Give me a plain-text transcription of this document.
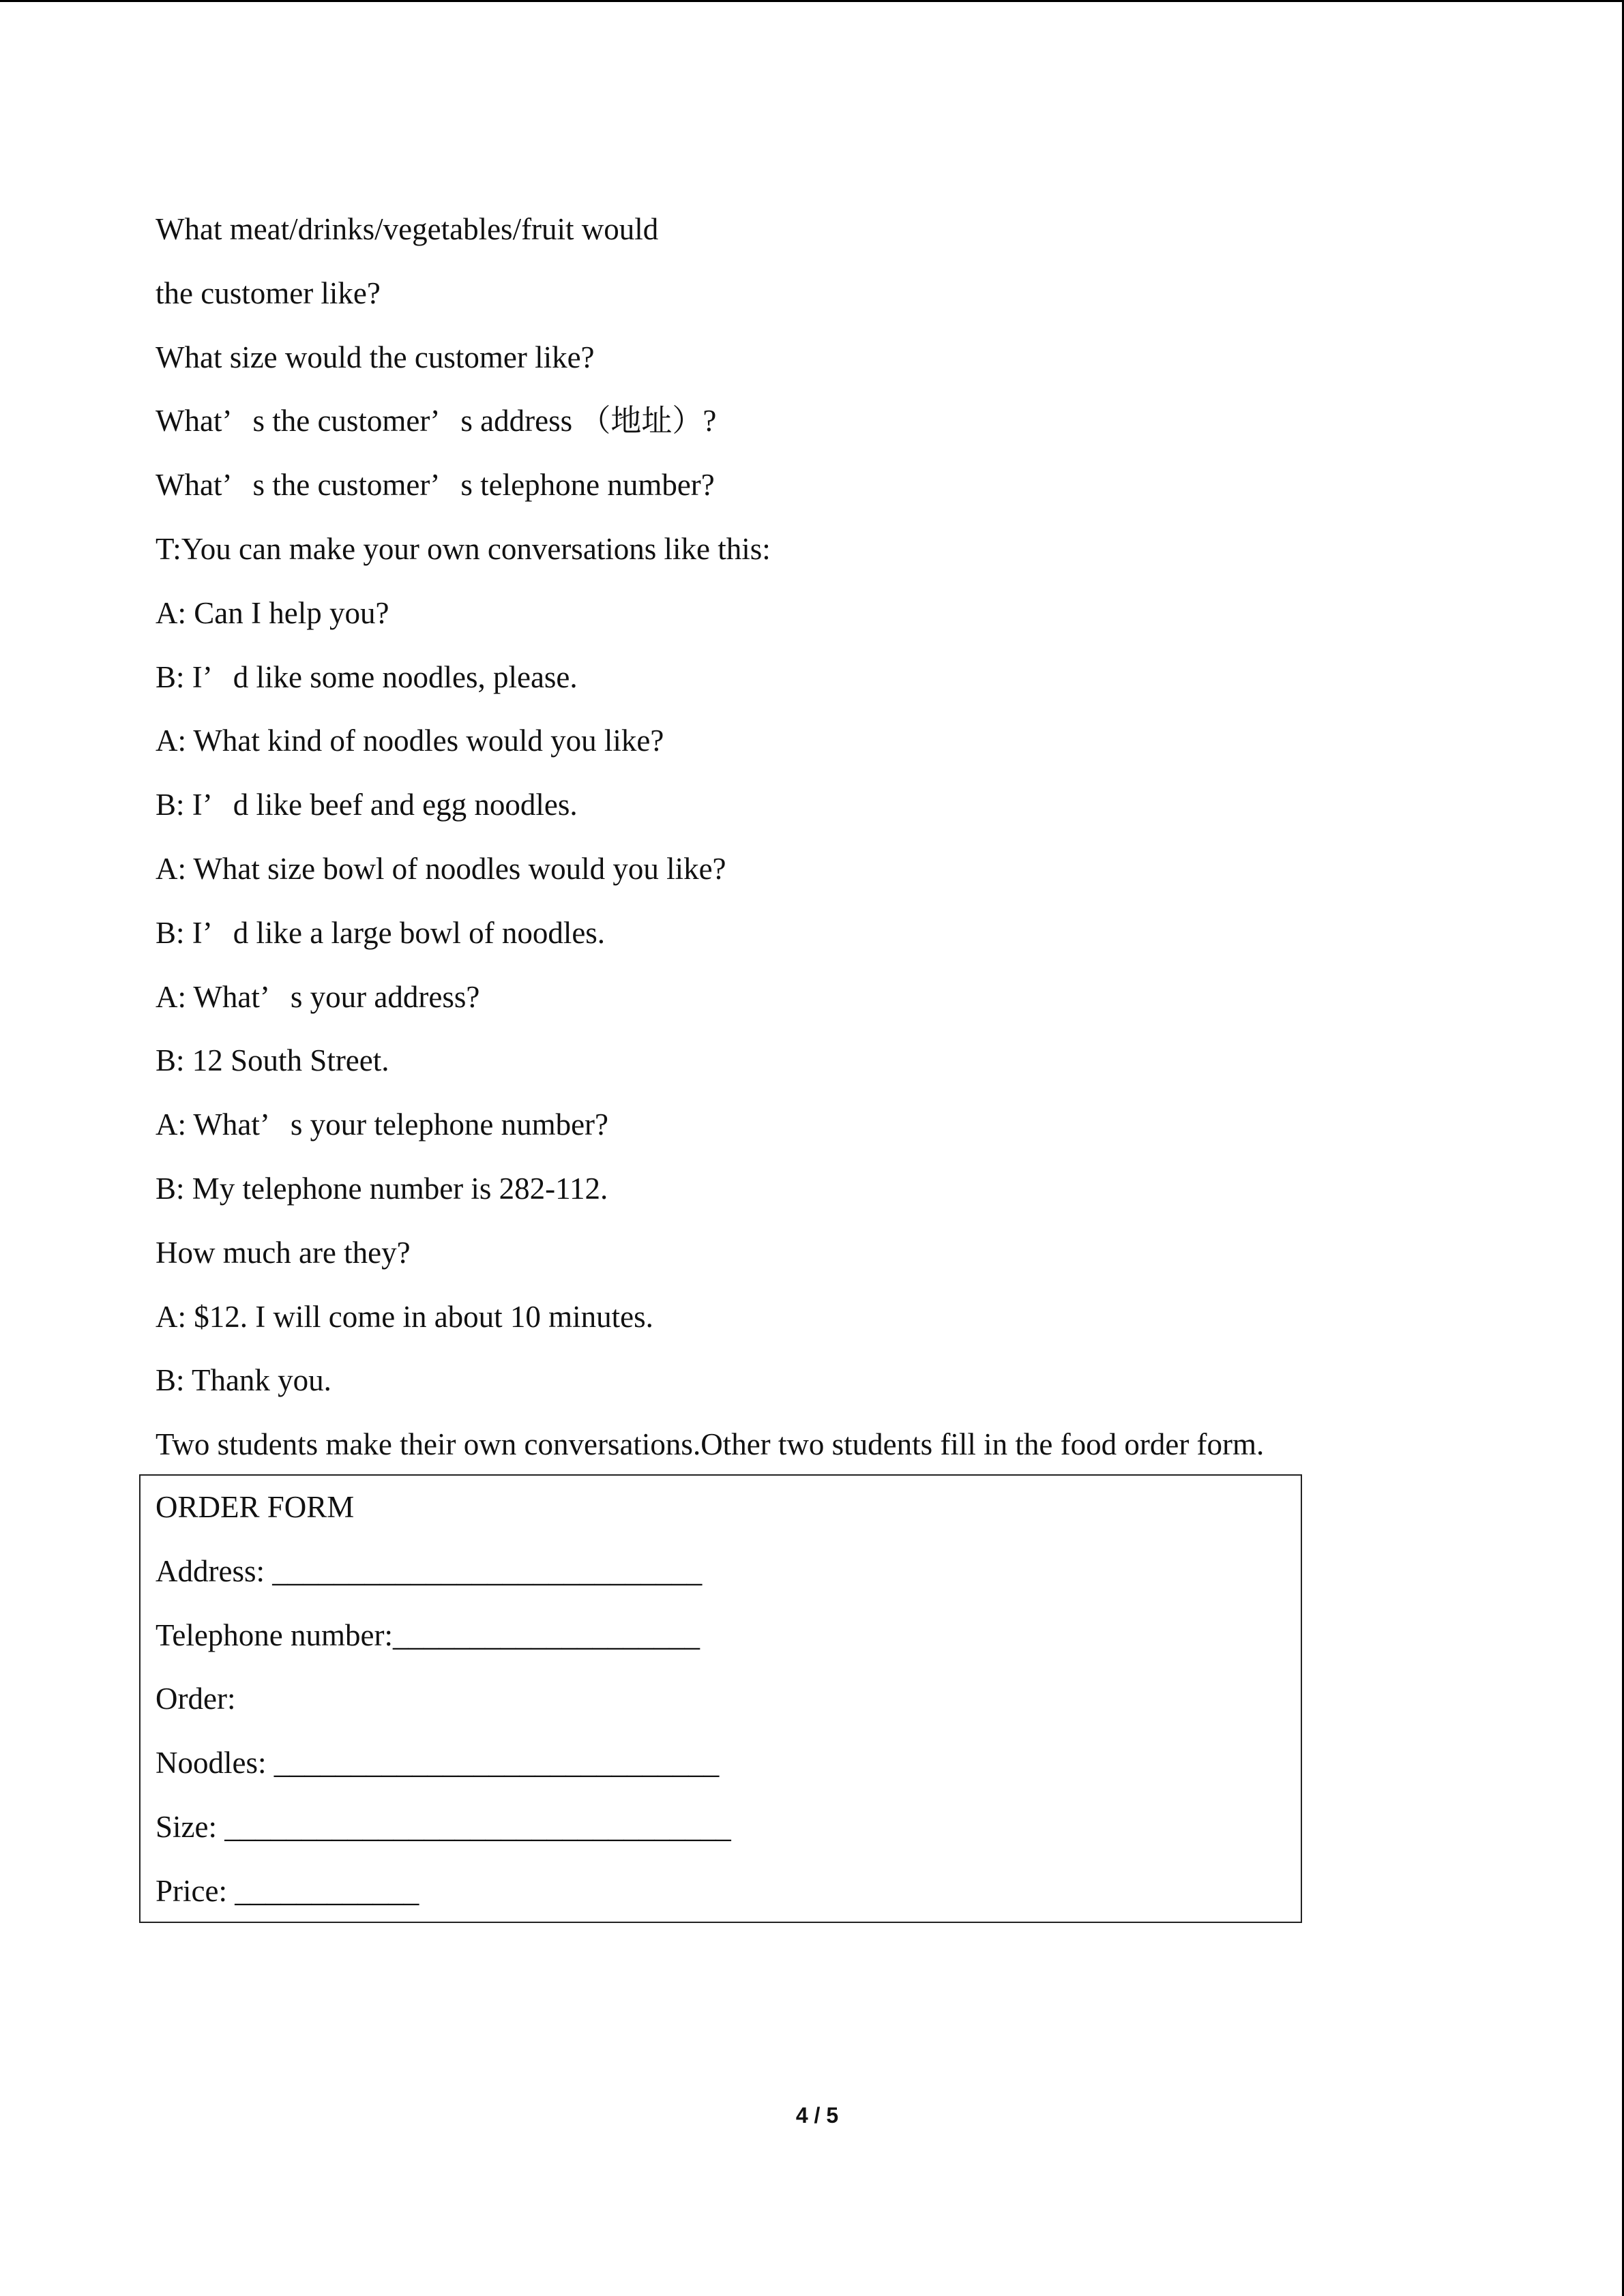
What meat/drinks/vegetables/fruit would
the customer like?
What size would the customer like?
What’ s the customer’ s address （地址）?
What’ s the customer’ s telephone number?
T:You can make your own conversations like this:
A: Can I help you?
B: I’ d like some noodles, please.
A: What kind of noodles would you like?
B: I’ d like beef and egg noodles.
A: What size bowl of noodles would you like?
B: I’ d like a large bowl of noodles.
A: What’ s your address?
B: 12 South Street.
A: What’ s your telephone number?
B: My telephone number is 282-112.
How much are they?
A: $12. I will come in about 10 minutes.
B: Thank you.
Two students make their own conversations.Other two students fill in the food order form.
ORDER FORM
Address: ____________________________
Telephone number:____________________
Order:
Noodles: _____________________________
Size: _________________________________
Price: ____________
4 / 5
